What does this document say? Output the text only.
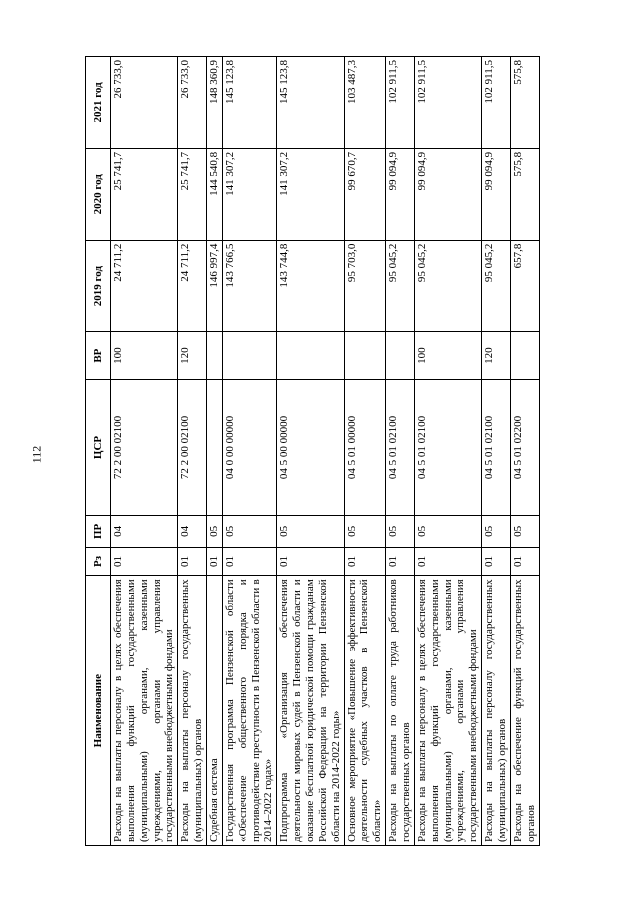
112
Наименование	Рз	ПР	ЦСР	ВР	2019 год	2020 год	2021 год
Расходы на выплаты персоналу в целях обеспечения выполнения функций государственными (муниципальными) органами, казенными учреждениями, органами управления государственными внебюджетными фондами	01	04	72 2 00 02100	100	24 711,2	25 741,7	26 733,0
Расходы на выплаты персоналу государственных (муниципальных) органов	01	04	72 2 00 02100	120	24 711,2	25 741,7	26 733,0
Судебная система	01	05			146 997,4	144 540,8	148 360,9
Государственная программа Пензенской области «Обеспечение общественного порядка и противодействие преступности в Пензенской области в 2014–2022 годах»	01	05	04 0 00 00000		143 766,5	141 307,2	145 123,8
Подпрограмма «Организация обеспечения деятельности мировых судей в Пензенской области и оказание бесплатной юридической помощи гражданам Российской Федерации на территории Пензенской области на 2014-2022 годы»	01	05	04 5 00 00000		143 744,8	141 307,2	145 123,8
Основное мероприятие «Повышение эффективности деятельности судебных участков в Пензенской области»	01	05	04 5 01 00000		95 703,0	99 670,7	103 487,3
Расходы на выплаты по оплате труда работников государственных органов	01	05	04 5 01 02100		95 045,2	99 094,9	102 911,5
Расходы на выплаты персоналу в целях обеспечения выполнения функций государственными (муниципальными) органами, казенными учреждениями, органами управления государственными внебюджетными фондами	01	05	04 5 01 02100	100	95 045,2	99 094,9	102 911,5
Расходы на выплаты персоналу государственных (муниципальных) органов	01	05	04 5 01 02100	120	95 045,2	99 094,9	102 911,5
Расходы на обеспечение функций государственных органов	01	05	04 5 01 02200		657,8	575,8	575,8
